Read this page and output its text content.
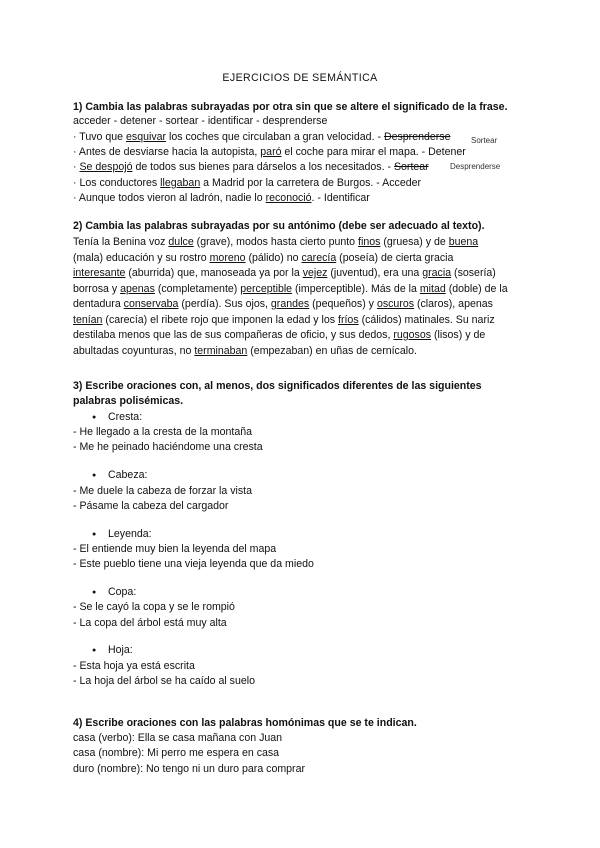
EJERCICIOS DE SEMÁNTICA
1) Cambia las palabras subrayadas por otra sin que se altere el significado de la frase.
acceder - detener - sortear - identificar - desprenderse
· Tuvo que esquivar los coches que circulaban a gran velocidad. - Desprenderse	Sortear
· Antes de desviarse hacia la autopista, paró el coche para mirar el mapa. - Detener
· Se despojó de todos sus bienes para dárselos a los necesitados. - Sortear	Desprenderse
· Los conductores llegaban a Madrid por la carretera de Burgos. - Acceder
· Aunque todos vieron al ladrón, nadie lo reconoció. - Identificar
2) Cambia las palabras subrayadas por su antónimo (debe ser adecuado al texto).
Tenía la Benina voz dulce (grave), modos hasta cierto punto finos (gruesa) y de buena
(mala) educación y su rostro moreno (pálido) no carecía (poseía) de cierta gracia
interesante (aburrida) que, manoseada ya por la vejez (juventud), era una gracia (sosería)
borrosa y apenas (completamente) perceptible (imperceptible). Más de la mitad (doble) de la
dentadura conservaba (perdía). Sus ojos, grandes (pequeños) y oscuros (claros), apenas
tenían (carecía) el ribete rojo que imponen la edad y los fríos (cálidos) matinales. Su nariz
destilaba menos que las de sus compañeras de oficio, y sus dedos, rugosos (lisos) y de
abultadas coyunturas, no terminaban (empezaban) en uñas de cernícalo.
3) Escribe oraciones con, al menos, dos significados diferentes de las siguientes
palabras polisémicas.
● Cresta:
- He llegado a la cresta de la montaña
- Me he peinado haciéndome una cresta
● Cabeza:
- Me duele la cabeza de forzar la vista
- Pásame la cabeza del cargador
● Leyenda:
- El entiende muy bien la leyenda del mapa
- Este pueblo tiene una vieja leyenda que da miedo
● Copa:
- Se le cayó la copa y se le rompió
- La copa del árbol está muy alta
● Hoja:
- Esta hoja ya está escrita
- La hoja del árbol se ha caído al suelo
4) Escribe oraciones con las palabras homónimas que se te indican.
casa (verbo): Ella se casa mañana con Juan
casa (nombre): Mi perro me espera en casa
duro (nombre): No tengo ni un duro para comprar
